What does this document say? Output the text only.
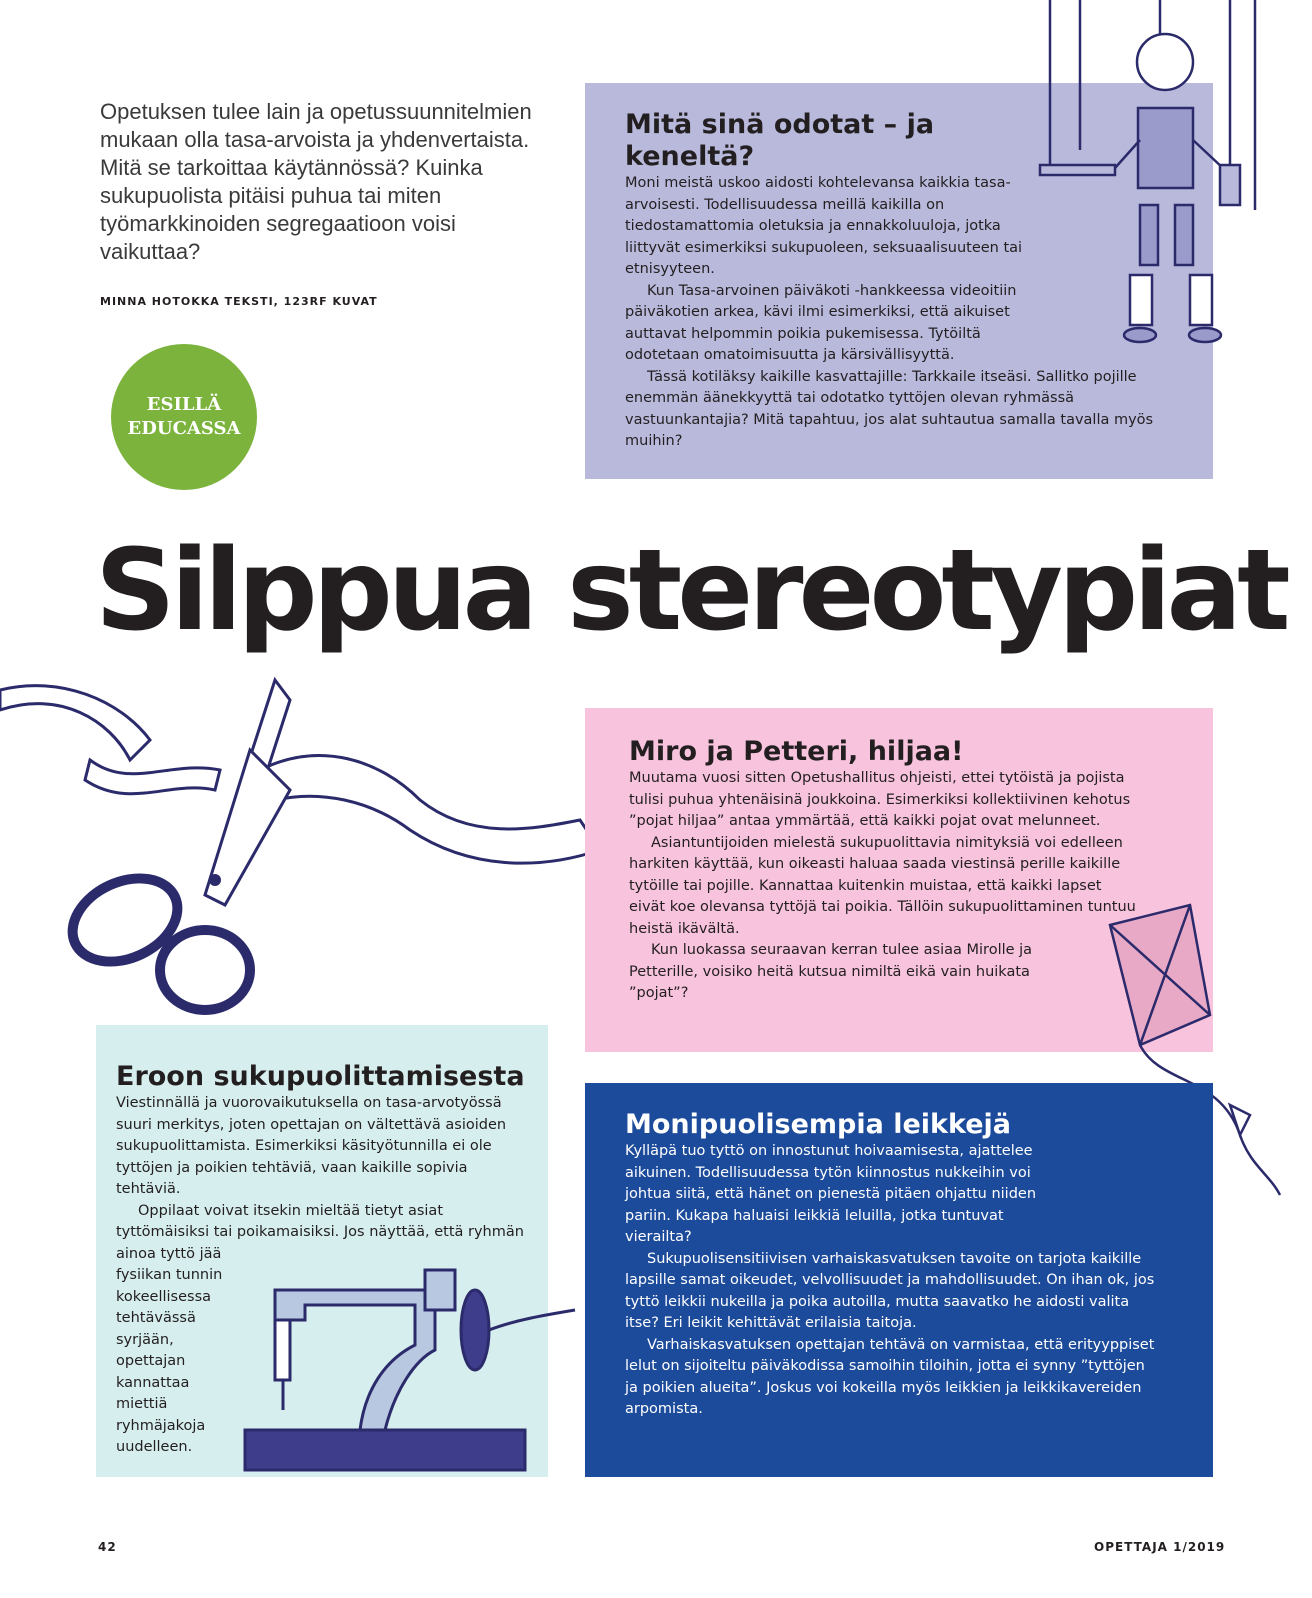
Opetuksen tulee lain ja opetussuunnitelmien mukaan olla tasa-arvoista ja yhdenvertaista. Mitä se tarkoittaa käytännössä? Kuinka sukupuolista pitäisi puhua tai miten työmarkkinoiden segregaatioon voisi vaikuttaa?
MINNA HOTOKKA TEKSTI, 123RF KUVAT
ESILLÄ
EDUCASSA
Mitä sinä odotat – ja keneltä?

Moni meistä uskoo aidosti kohtelevansa kaikkia tasa-arvoisesti. Todellisuudessa meillä kaikilla on tiedostamattomia oletuksia ja ennakkoluuloja, jotka liittyvät esimerkiksi sukupuoleen, seksuaalisuuteen tai etnisyyteen.

Kun Tasa-arvoinen päiväkoti -hankkeessa videoitiin päiväkotien arkea, kävi ilmi esimerkiksi, että aikuiset auttavat helpommin poikia pukemisessa. Tytöiltä odotetaan omatoimisuutta ja kärsivällisyyttä.

Tässä kotiläksy kaikille kasvattajille: Tarkkaile itseäsi. Sallitko pojille enemmän äänekkyyttä tai odotatko tyttöjen olevan ryhmässä vastuunkantajia? Mitä tapahtuu, jos alat suhtautua samalla tavalla myös muihin?

Silppua stereotypiat
Miro ja Petteri, hiljaa!

Muutama vuosi sitten Opetushallitus ohjeisti, ettei tytöistä ja pojista tulisi puhua yhtenäisinä joukkoina. Esimerkiksi kollektiivinen kehotus ”pojat hiljaa” antaa ymmärtää, että kaikki pojat ovat melunneet.

Asiantuntijoiden mielestä sukupuolittavia nimityksiä voi edelleen harkiten käyttää, kun oikeasti haluaa saada viestinsä perille kaikille tytöille tai pojille. Kannattaa kuitenkin muistaa, että kaikki lapset eivät koe olevansa tyttöjä tai poikia. Tällöin sukupuolittaminen tuntuu heistä ikävältä.

Kun luokassa seuraavan kerran tulee asiaa Mirolle ja Petterille, voisiko heitä kutsua nimiltä eikä vain huikata ”pojat”?

Eroon sukupuolittamisesta

Viestinnällä ja vuorovaikutuksella on tasa-arvotyössä suuri merkitys, joten opettajan on vältettävä asioiden sukupuolittamista. Esimerkiksi käsityötunnilla ei ole tyttöjen ja poikien tehtäviä, vaan kaikille sopivia tehtäviä.

Oppilaat voivat itsekin mieltää tietyt asiat tyttömäisiksi tai poikamaisiksi. Jos näyttää, että ryhmän

ainoa tyttö jää fysiikan tunnin kokeellisessa tehtävässä syrjään, opettajan kannattaa miettiä ryhmäjakoja uudelleen.

Monipuolisempia leikkejä

Kylläpä tuo tyttö on innostunut hoivaamisesta, ajattelee aikuinen. Todellisuudessa tytön kiinnostus nukkeihin voi johtua siitä, että hänet on pienestä pitäen ohjattu niiden pariin. Kukapa haluaisi leikkiä leluilla, jotka tuntuvat vierailta?

Sukupuolisensitiivisen varhaiskasvatuksen tavoite on tarjota kaikille lapsille samat oikeudet, velvollisuudet ja mahdollisuudet. On ihan ok, jos tyttö leikkii nukeilla ja poika autoilla, mutta saavatko he aidosti valita itse? Eri leikit kehittävät erilaisia taitoja.

Varhaiskasvatuksen opettajan tehtävä on varmistaa, että erityyppiset lelut on sijoiteltu päiväkodissa samoihin tiloihin, jotta ei synny ”tyttöjen ja poikien alueita”. Joskus voi kokeilla myös leikkien ja leikkikavereiden arpomista.

42	OPETTAJA 1/2019
